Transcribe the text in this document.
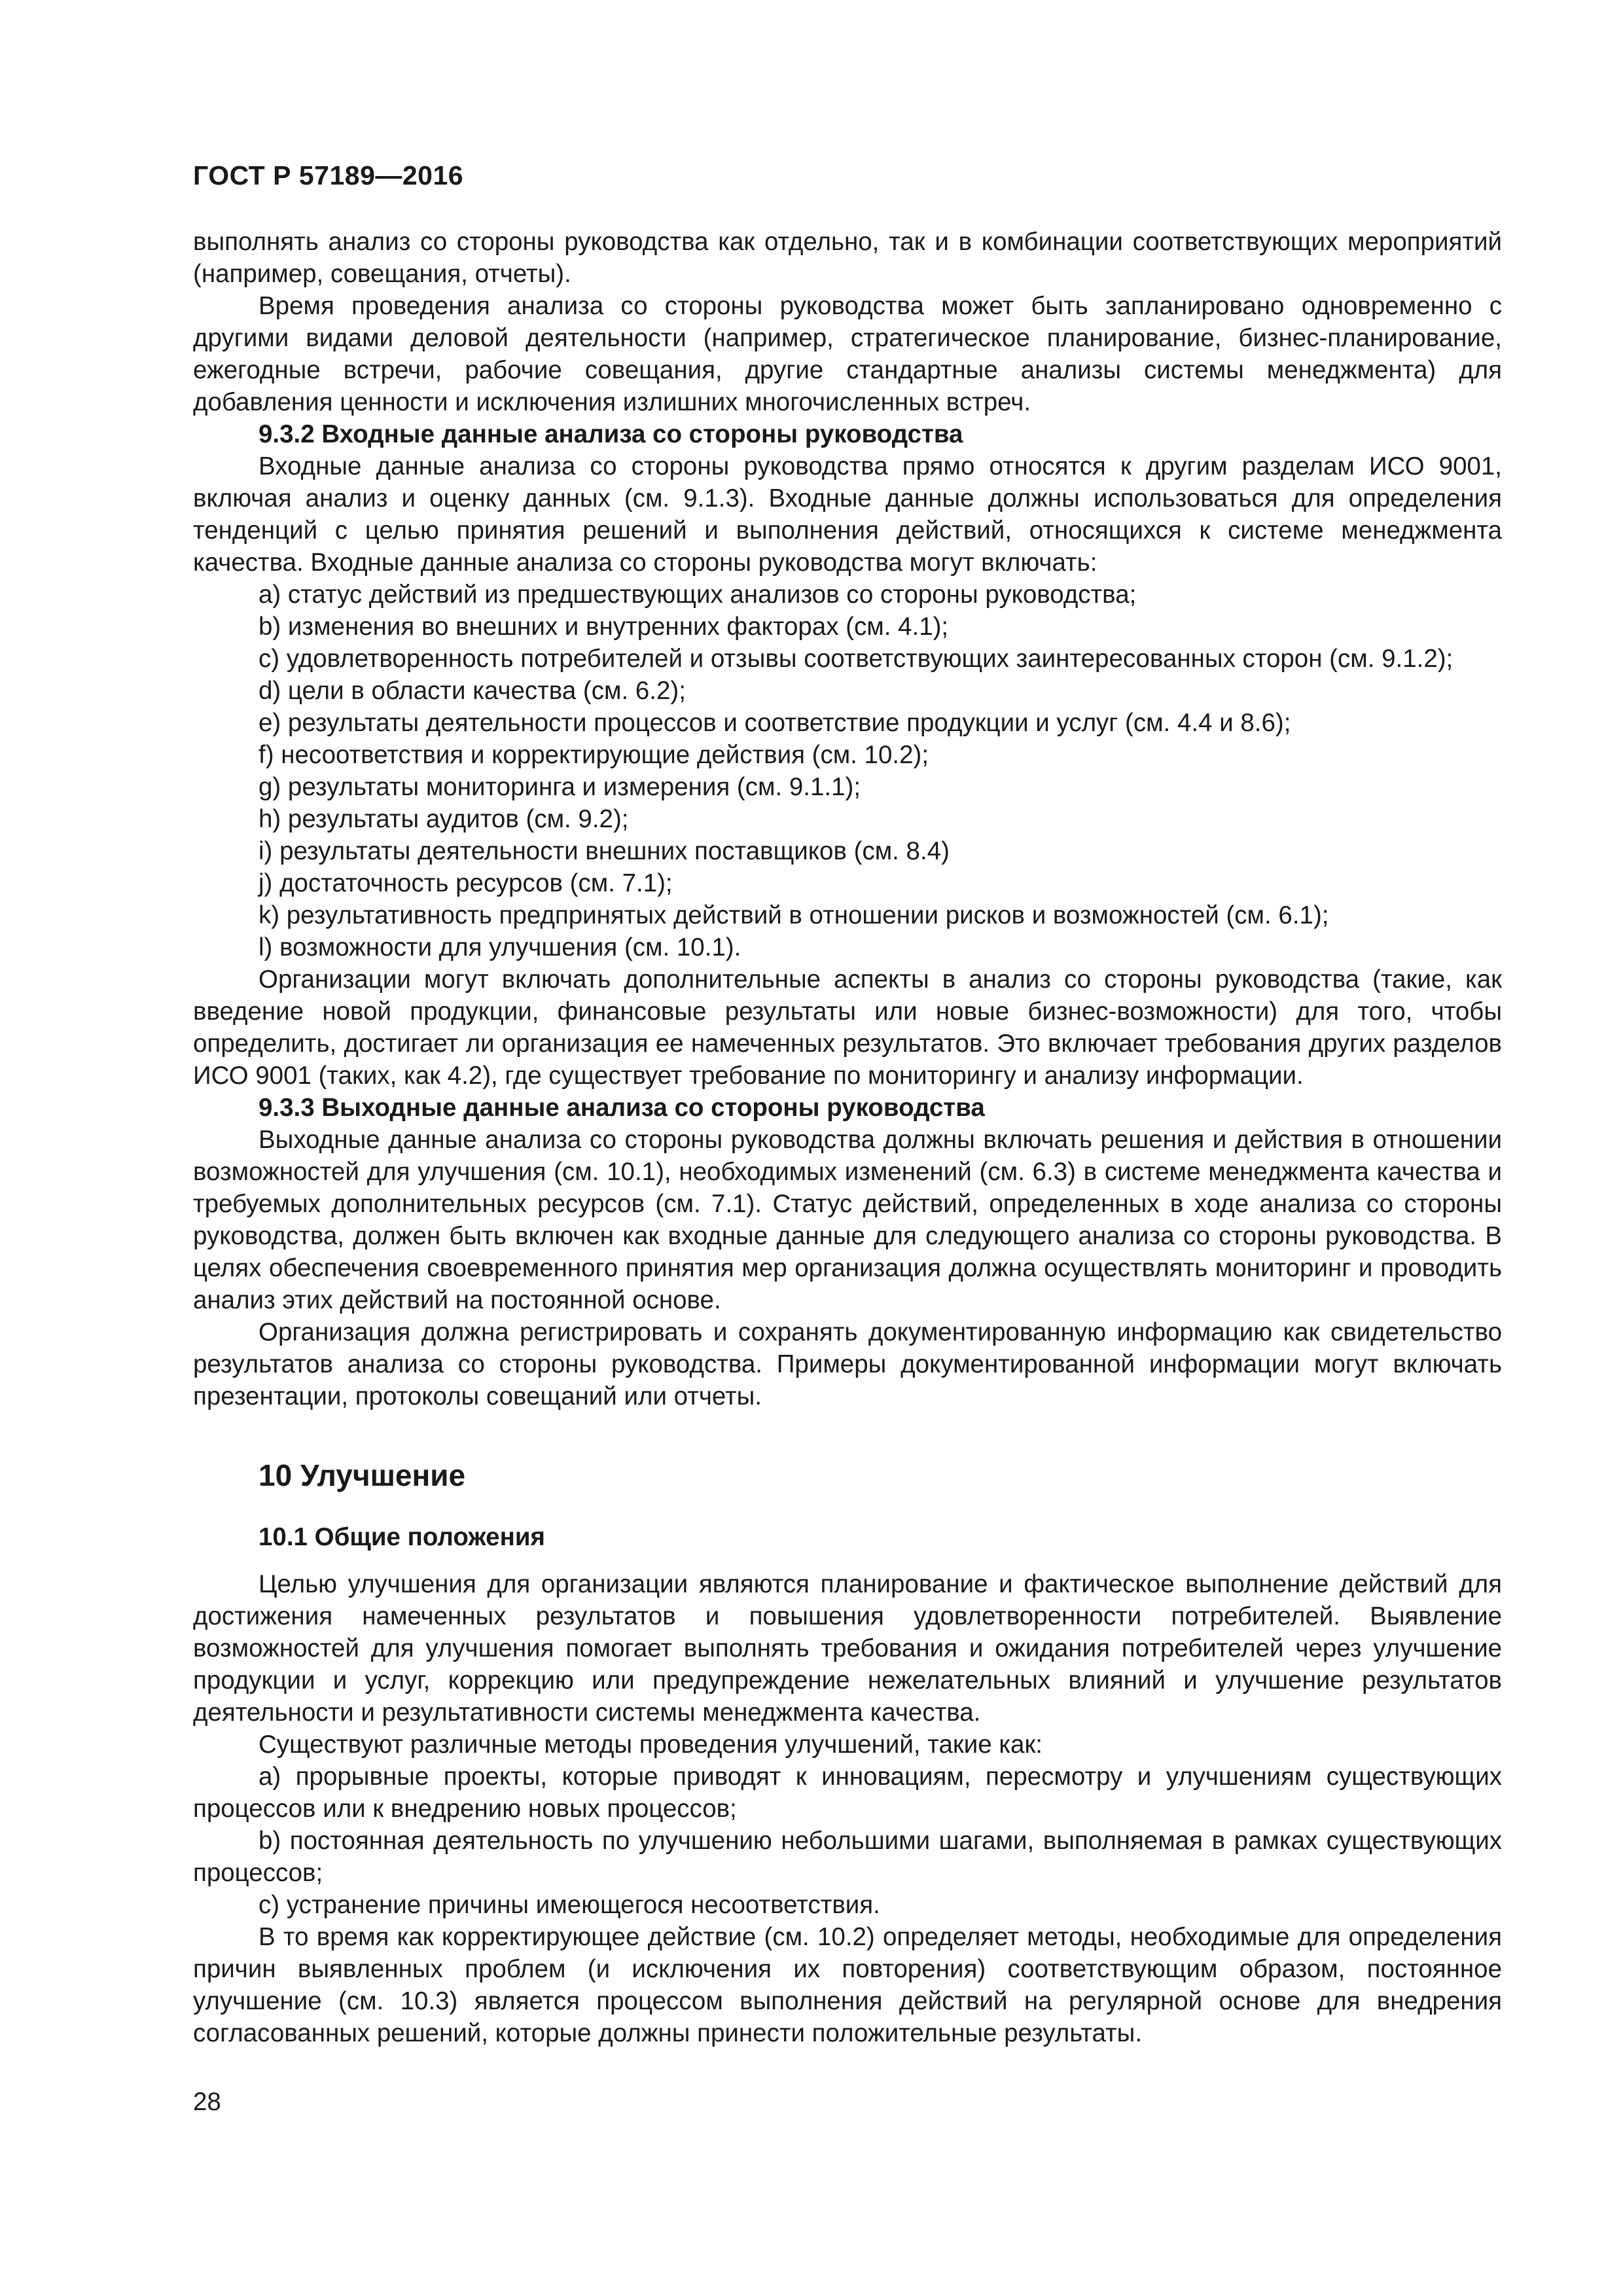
ГОСТ Р 57189—2016

выполнять анализ со стороны руководства как отдельно, так и в комбинации соответствующих мероприятий (например, совещания, отчеты).

Время проведения анализа со стороны руководства может быть запланировано одновременно с другими видами деловой деятельности (например, стратегическое планирование, бизнес-планирование, ежегодные встречи, рабочие совещания, другие стандартные анализы системы менеджмента) для добавления ценности и исключения излишних многочисленных встреч.

9.3.2 Входные данные анализа со стороны руководства

Входные данные анализа со стороны руководства прямо относятся к другим разделам ИСО 9001, включая анализ и оценку данных (см. 9.1.3). Входные данные должны использоваться для определения тенденций с целью принятия решений и выполнения действий, относящихся к системе менеджмента качества. Входные данные анализа со стороны руководства могут включать:

a) статус действий из предшествующих анализов со стороны руководства;

b) изменения во внешних и внутренних факторах (см. 4.1);

c) удовлетворенность потребителей и отзывы соответствующих заинтересованных сторон (см. 9.1.2);

d) цели в области качества (см. 6.2);

e) результаты деятельности процессов и соответствие продукции и услуг (см. 4.4 и 8.6);

f) несоответствия и корректирующие действия (см. 10.2);

g) результаты мониторинга и измерения (см. 9.1.1);

h) результаты аудитов (см. 9.2);

i) результаты деятельности внешних поставщиков (см. 8.4)

j) достаточность ресурсов (см. 7.1);

k) результативность предпринятых действий в отношении рисков и возможностей (см. 6.1);

l) возможности для улучшения (см. 10.1).

Организации могут включать дополнительные аспекты в анализ со стороны руководства (такие, как введение новой продукции, финансовые результаты или новые бизнес-возможности) для того, чтобы определить, достигает ли организация ее намеченных результатов. Это включает требования других разделов ИСО 9001 (таких, как 4.2), где существует требование по мониторингу и анализу информации.

9.3.3 Выходные данные анализа со стороны руководства

Выходные данные анализа со стороны руководства должны включать решения и действия в отношении возможностей для улучшения (см. 10.1), необходимых изменений (см. 6.3) в системе менеджмента качества и требуемых дополнительных ресурсов (см. 7.1). Статус действий, определенных в ходе анализа со стороны руководства, должен быть включен как входные данные для следующего анализа со стороны руководства. В целях обеспечения своевременного принятия мер организация должна осуществлять мониторинг и проводить анализ этих действий на постоянной основе.

Организация должна регистрировать и сохранять документированную информацию как свидетельство результатов анализа со стороны руководства. Примеры документированной информации могут включать презентации, протоколы совещаний или отчеты.

10 Улучшение
10.1 Общие положения

Целью улучшения для организации являются планирование и фактическое выполнение действий для достижения намеченных результатов и повышения удовлетворенности потребителей. Выявление возможностей для улучшения помогает выполнять требования и ожидания потребителей через улучшение продукции и услуг, коррекцию или предупреждение нежелательных влияний и улучшение результатов деятельности и результативности системы менеджмента качества.

Существуют различные методы проведения улучшений, такие как:

a) прорывные проекты, которые приводят к инновациям, пересмотру и улучшениям существующих процессов или к внедрению новых процессов;

b) постоянная деятельность по улучшению небольшими шагами, выполняемая в рамках существующих процессов;

c) устранение причины имеющегося несоответствия.

В то время как корректирующее действие (см. 10.2) определяет методы, необходимые для определения причин выявленных проблем (и исключения их повторения) соответствующим образом, постоянное улучшение (см. 10.3) является процессом выполнения действий на регулярной основе для внедрения согласованных решений, которые должны принести положительные результаты.

28
